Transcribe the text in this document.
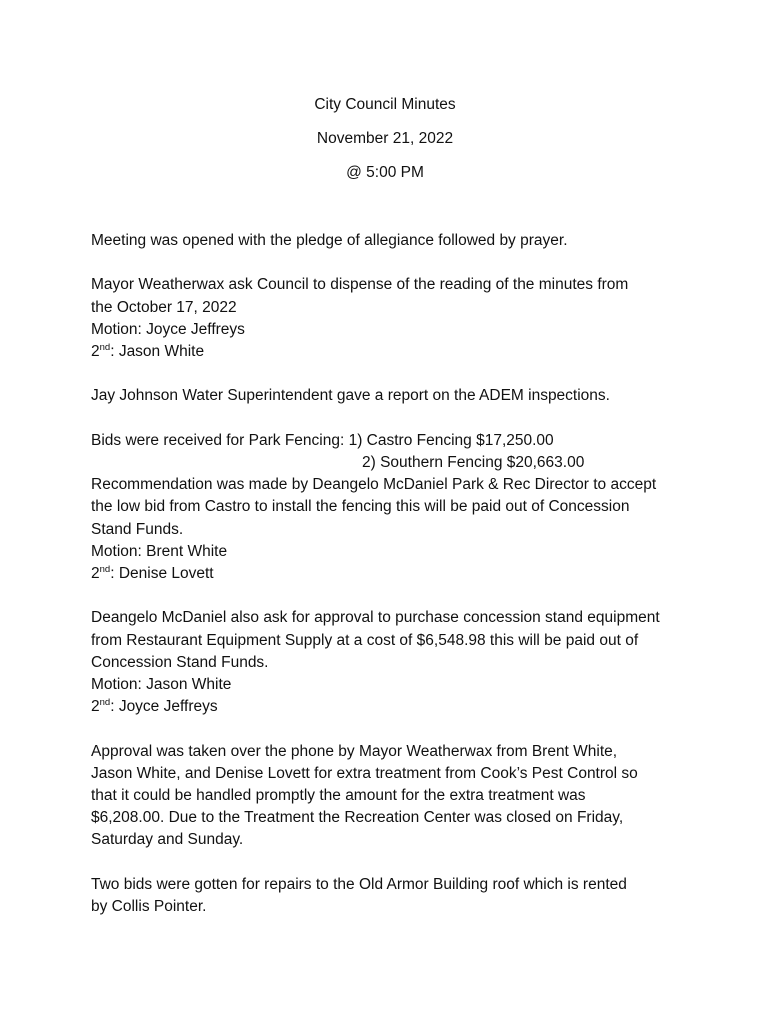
City Council Minutes
November 21, 2022
@ 5:00 PM

Meeting was opened with the pledge of allegiance followed by prayer.

Mayor Weatherwax ask Council to dispense of the reading of the minutes from
the October 17, 2022
Motion: Joyce Jeffreys
2nd: Jason White

Jay Johnson Water Superintendent gave a report on the ADEM inspections.

Bids were received for Park Fencing: 1) Castro Fencing $17,250.00
2) Southern Fencing $20,663.00
Recommendation was made by Deangelo McDaniel Park & Rec Director to accept
the low bid from Castro to install the fencing this will be paid out of Concession
Stand Funds.
Motion: Brent White
2nd: Denise Lovett

Deangelo McDaniel also ask for approval to purchase concession stand equipment
from Restaurant Equipment Supply at a cost of $6,548.98 this will be paid out of
Concession Stand Funds.
Motion: Jason White
2nd: Joyce Jeffreys

Approval was taken over the phone by Mayor Weatherwax from Brent White,
Jason White, and Denise Lovett for extra treatment from Cook’s Pest Control so
that it could be handled promptly the amount for the extra treatment was
$6,208.00. Due to the Treatment the Recreation Center was closed on Friday,
Saturday and Sunday.

Two bids were gotten for repairs to the Old Armor Building roof which is rented
by Collis Pointer.
